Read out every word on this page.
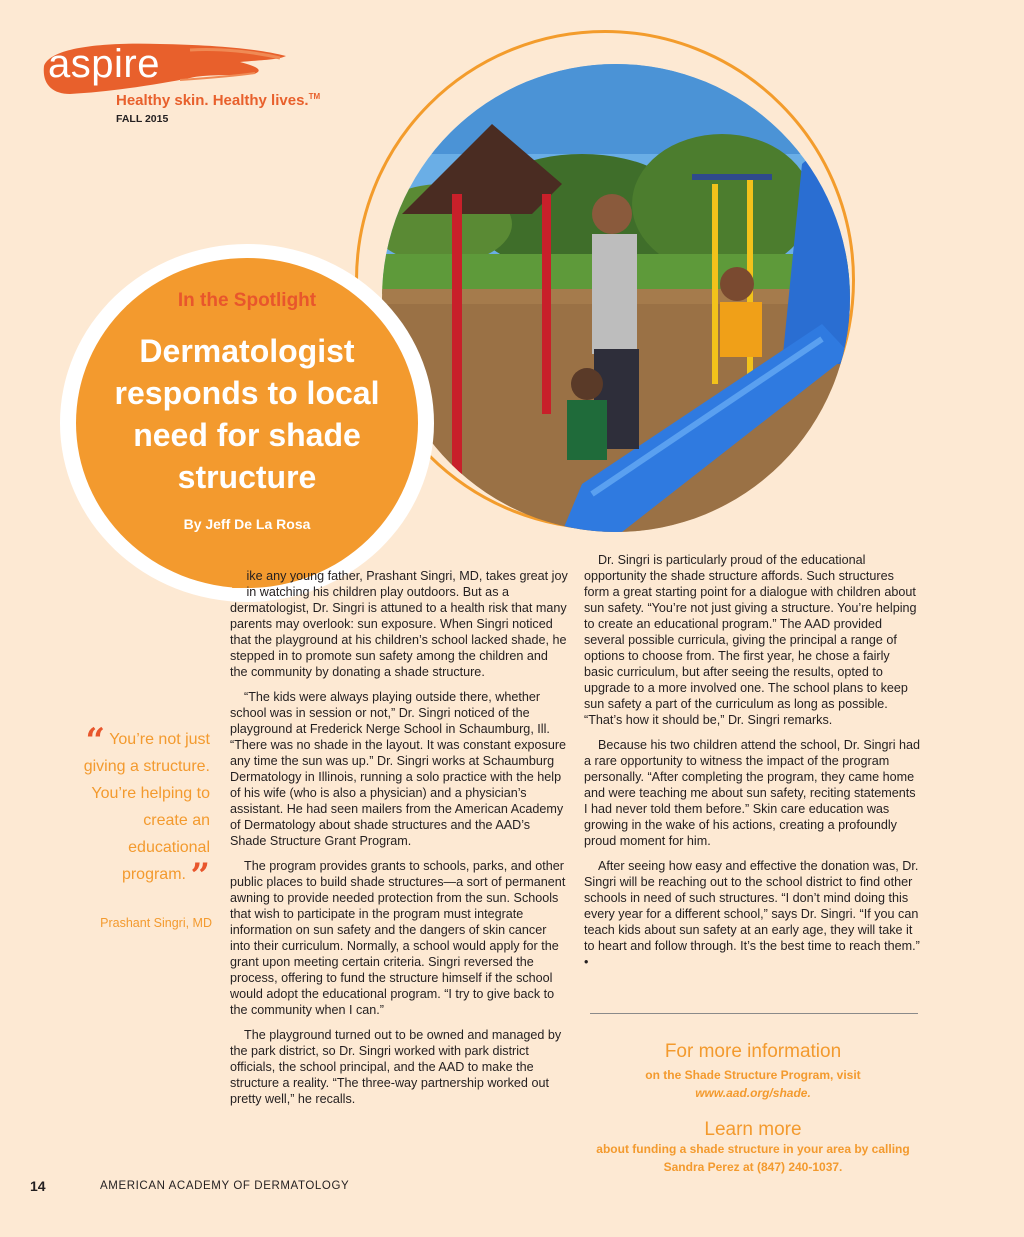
aspire
Healthy skin. Healthy lives.™
FALL 2015
In the Spotlight
Dermatologist responds to local need for shade structure
By Jeff De La Rosa

Like any young father, Prashant Singri, MD, takes great joy in watching his children play outdoors. But as a dermatologist, Dr. Singri is attuned to a health risk that many parents may overlook: sun exposure. When Singri noticed that the playground at his children’s school lacked shade, he stepped in to promote sun safety among the children and the community by donating a shade structure.

“The kids were always playing outside there, whether school was in session or not,” Dr. Singri noticed of the playground at Frederick Nerge School in Schaumburg, Ill. “There was no shade in the layout. It was constant exposure any time the sun was up.” Dr. Singri works at Schaumburg Dermatology in Illinois, running a solo practice with the help of his wife (who is also a physician) and a physician’s assistant. He had seen mailers from the American Academy of Dermatology about shade structures and the AAD’s Shade Structure Grant Program.

The program provides grants to schools, parks, and other public places to build shade structures—a sort of permanent awning to provide needed protection from the sun. Schools that wish to participate in the program must integrate information on sun safety and the dangers of skin cancer into their curriculum. Normally, a school would apply for the grant upon meeting certain criteria. Singri reversed the process, offering to fund the structure himself if the school would adopt the educational program. “I try to give back to the community when I can.”

The playground turned out to be owned and managed by the park district, so Dr. Singri worked with park district officials, the school principal, and the AAD to make the structure a reality. “The three-way partnership worked out pretty well,” he recalls.

Dr. Singri is particularly proud of the educational opportunity the shade structure affords. Such structures form a great starting point for a dialogue with children about sun safety. “You’re not just giving a structure. You’re helping to create an educational program.” The AAD provided several possible curricula, giving the principal a range of options to choose from. The first year, he chose a fairly basic curriculum, but after seeing the results, opted to upgrade to a more involved one. The school plans to keep sun safety a part of the curriculum as long as possible. “That’s how it should be,” Dr. Singri remarks.

Because his two children attend the school, Dr. Singri had a rare opportunity to witness the impact of the program personally. “After completing the program, they came home and were teaching me about sun safety, reciting statements I had never told them before.” Skin care education was growing in the wake of his actions, creating a profoundly proud moment for him.

After seeing how easy and effective the donation was, Dr. Singri will be reaching out to the school district to find other schools in need of such structures. “I don’t mind doing this every year for a different school,” says Dr. Singri. “If you can teach kids about sun safety at an early age, they will take it to heart and follow through. It’s the best time to reach them.” •

“ You’re not just giving a structure. You’re helping to create an educational program. ”
Prashant Singri, MD
For more information
on the Shade Structure Program, visit
www.aad.org/shade.
Learn more
about funding a shade structure in your area by calling
Sandra Perez at (847) 240-1037.
14	AMERICAN ACADEMY OF DERMATOLOGY
